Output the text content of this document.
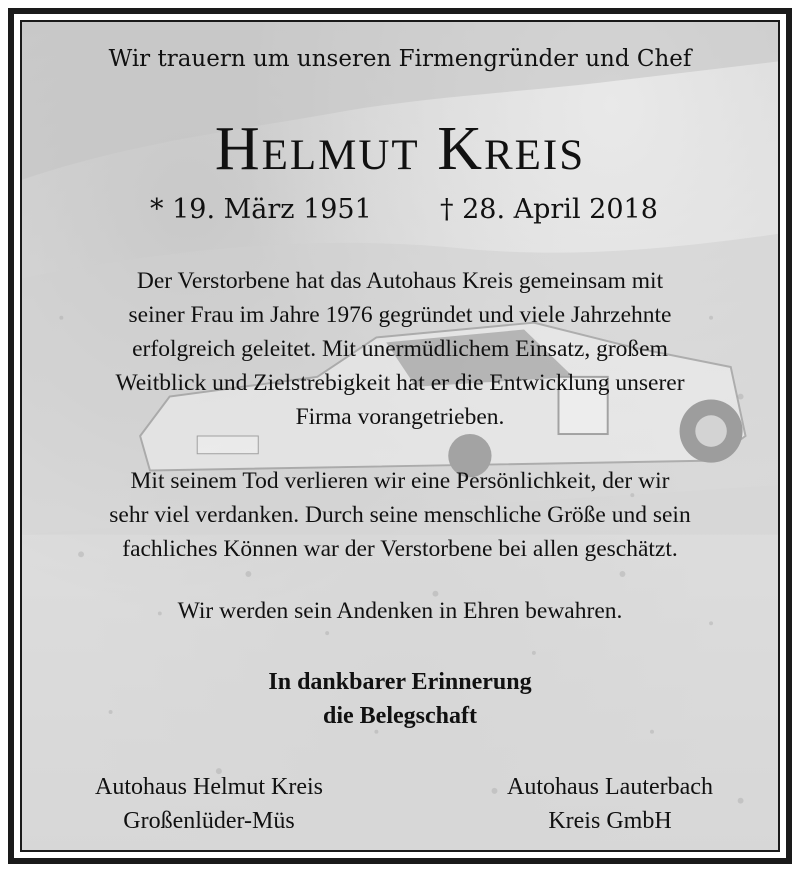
Wir trauern um unseren Firmengründer und Chef
Helmut Kreis
* 19. März 1951	† 28. April 2018
Der Verstorbene hat das Autohaus Kreis gemeinsam mit
seiner Frau im Jahre 1976 gegründet und viele Jahrzehnte
erfolgreich geleitet. Mit unermüdlichem Einsatz, großem
Weitblick und Zielstrebigkeit hat er die Entwicklung unserer
Firma vorangetrieben.
Mit seinem Tod verlieren wir eine Persönlichkeit, der wir
sehr viel verdanken. Durch seine menschliche Größe und sein
fachliches Können war der Verstorbene bei allen geschätzt.
Wir werden sein Andenken in Ehren bewahren.
In dankbarer Erinnerung
die Belegschaft
Autohaus Helmut Kreis
Großenlüder-Müs
Autohaus Lauterbach
Kreis GmbH
